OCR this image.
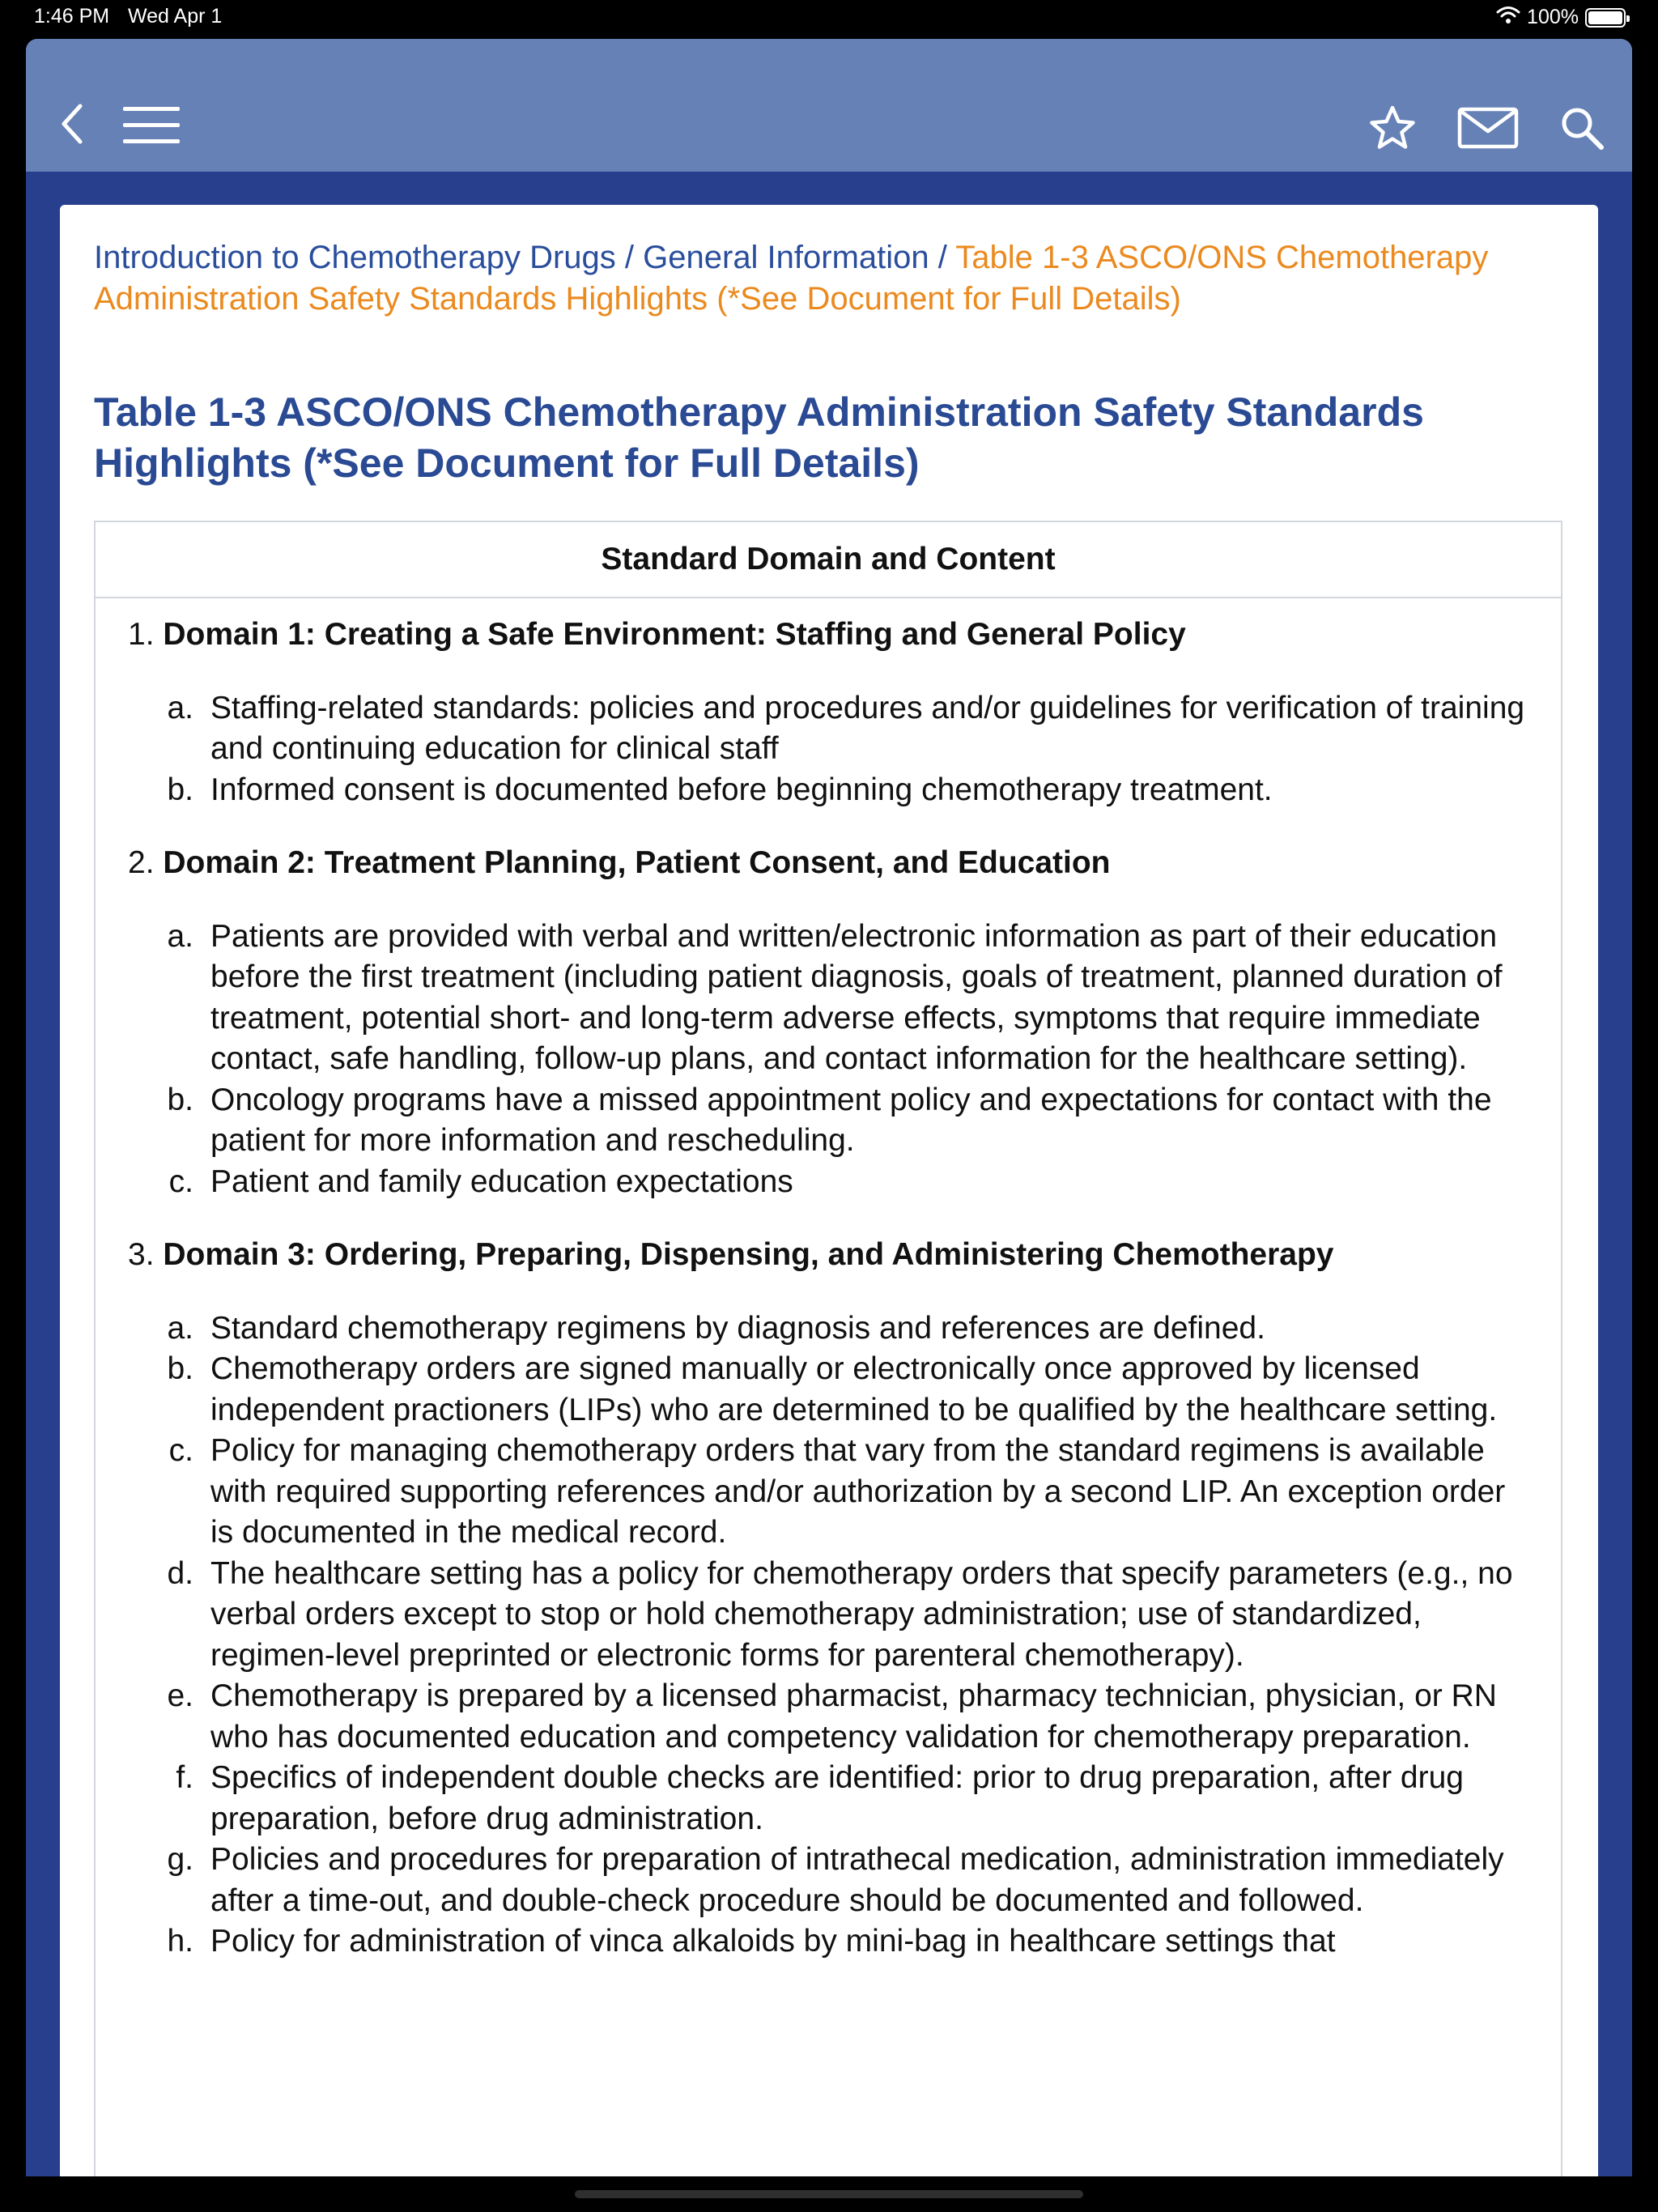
1:46 PM Wed Apr 1	100%
Introduction to Chemotherapy Drugs / General Information / Table 1-3 ASCO/ONS Chemotherapy Administration Safety Standards Highlights (*See Document for Full Details)
Table 1-3 ASCO/ONS Chemotherapy Administration Safety Standards Highlights (*See Document for Full Details)
Standard Domain and Content
1. Domain 1: Creating a Safe Environment: Staffing and General Policy
a. Staffing-related standards: policies and procedures and/or guidelines for verification of training and continuing education for clinical staff
b. Informed consent is documented before beginning chemotherapy treatment.
2. Domain 2: Treatment Planning, Patient Consent, and Education
a. Patients are provided with verbal and written/electronic information as part of their education before the first treatment (including patient diagnosis, goals of treatment, planned duration of treatment, potential short- and long-term adverse effects, symptoms that require immediate contact, safe handling, follow-up plans, and contact information for the healthcare setting).
b. Oncology programs have a missed appointment policy and expectations for contact with the patient for more information and rescheduling.
c. Patient and family education expectations
3. Domain 3: Ordering, Preparing, Dispensing, and Administering Chemotherapy
a. Standard chemotherapy regimens by diagnosis and references are defined.
b. Chemotherapy orders are signed manually or electronically once approved by licensed independent practioners (LIPs) who are determined to be qualified by the healthcare setting.
c. Policy for managing chemotherapy orders that vary from the standard regimens is available with required supporting references and/or authorization by a second LIP. An exception order is documented in the medical record.
d. The healthcare setting has a policy for chemotherapy orders that specify parameters (e.g., no verbal orders except to stop or hold chemotherapy administration; use of standardized, regimen-level preprinted or electronic forms for parenteral chemotherapy).
e. Chemotherapy is prepared by a licensed pharmacist, pharmacy technician, physician, or RN who has documented education and competency validation for chemotherapy preparation.
f. Specifics of independent double checks are identified: prior to drug preparation, after drug preparation, before drug administration.
g. Policies and procedures for preparation of intrathecal medication, administration immediately after a time-out, and double-check procedure should be documented and followed.
h. Policy for administration of vinca alkaloids by mini-bag in healthcare settings that
